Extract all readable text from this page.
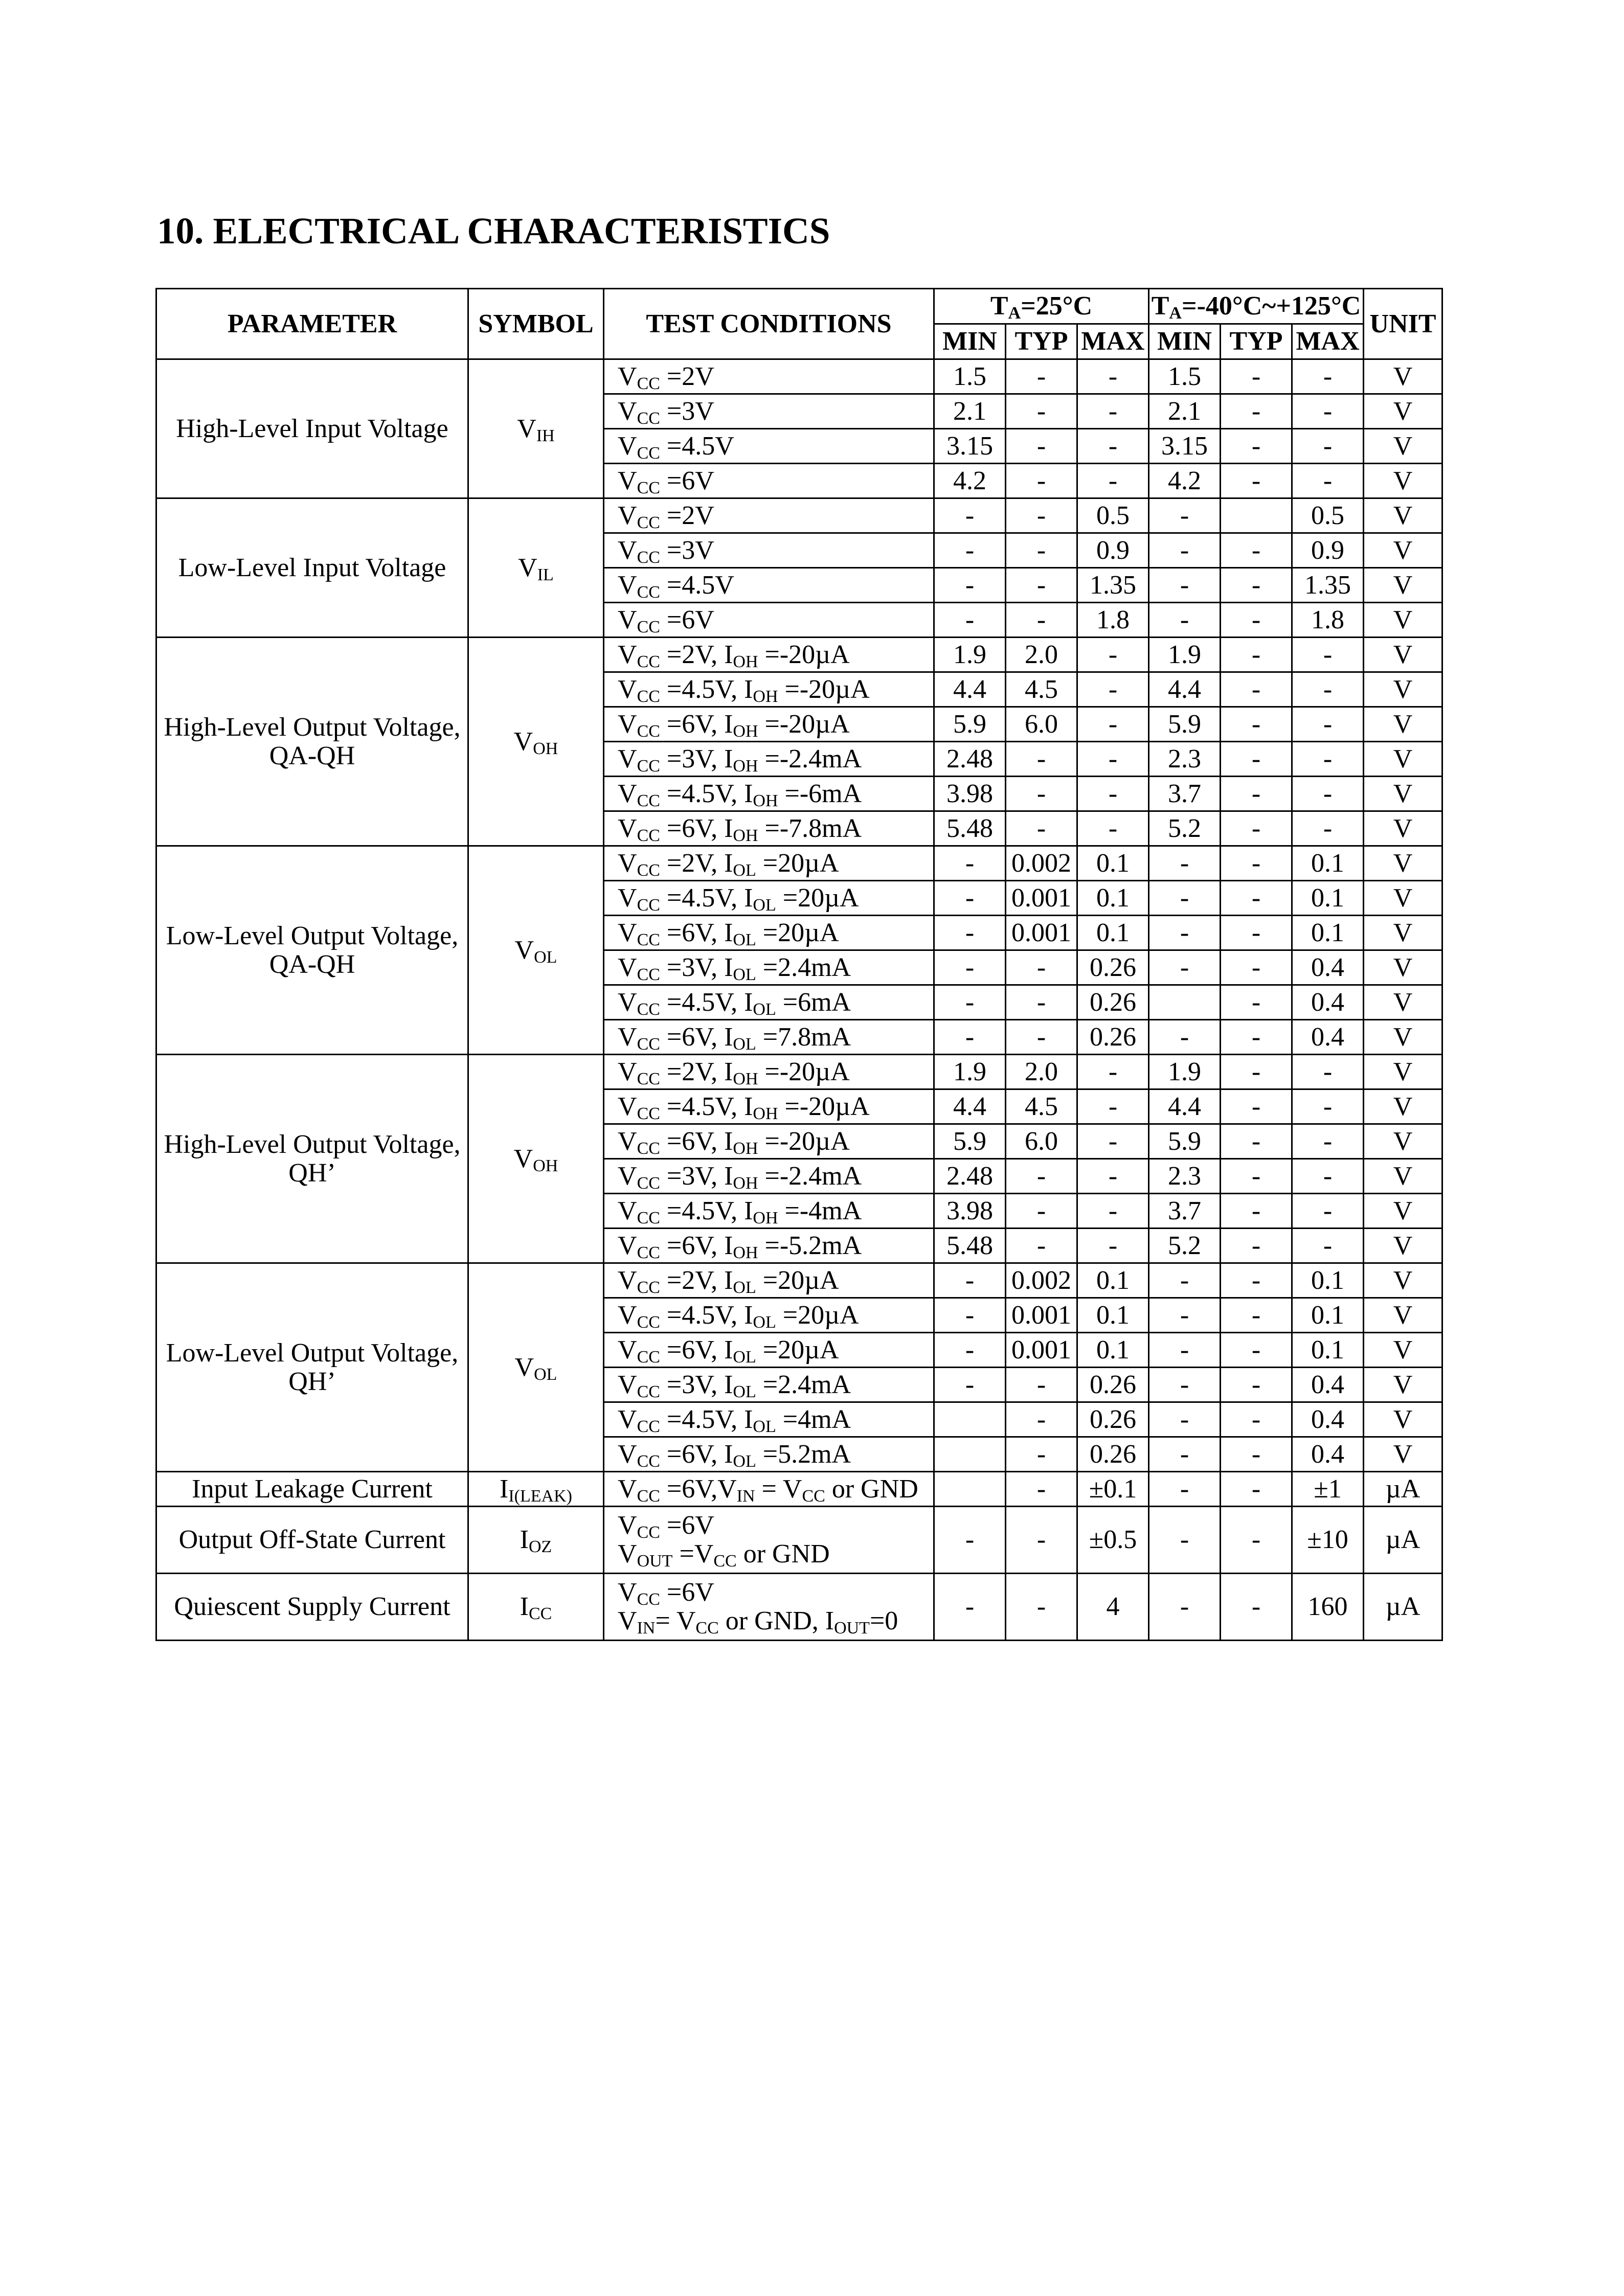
10. ELECTRICAL CHARACTERISTICS
PARAMETER	SYMBOL	TEST CONDITIONS	$T_A=25^\circ C$			$T_A=-40^\circ C\sim+125^\circ C$			UNIT
			MIN	TYP	MAX	MIN	TYP	MAX	
High-Level Input Voltage	$V_{IH}$	$V_{CC} =2V$	1.5	-	-	1.5	-	-	V
		$V_{CC} =3V$	2.1	-	-	2.1	-	-	V
		$V_{CC} =4.5V$	3.15	-	-	3.15	-	-	V
		$V_{CC} =6V$	4.2	-	-	4.2	-	-	V
Low-Level Input Voltage	$V_{IL}$	$V_{CC} =2V$	-	-	0.5	-		0.5	V
		$V_{CC} =3V$	-	-	0.9	-	-	0.9	V
		$V_{CC} =4.5V$	-	-	1.35	-	-	1.35	V
		$V_{CC} =6V$	-	-	1.8	-	-	1.8	V
High-Level Output Voltage,
QA-QH	$V_{OH}$	$V_{CC} =2V$, $I_{OH} =-20\mu A$	1.9	2.0	-	1.9	-	-	V
		$V_{CC} =4.5V$, $I_{OH} =-20\mu A$	4.4	4.5	-	4.4	-	-	V
		$V_{CC} =6V$, $I_{OH} =-20\mu A$	5.9	6.0	-	5.9	-	-	V
		$V_{CC} =3V$, $I_{OH} =-2.4mA$	2.48	-	-	2.3	-	-	V
		$V_{CC} =4.5V$, $I_{OH} =-6mA$	3.98	-	-	3.7	-	-	V
		$V_{CC} =6V$, $I_{OH} =-7.8mA$	5.48	-	-	5.2	-	-	V
Low-Level Output Voltage,
QA-QH	$V_{OL}$	$V_{CC} =2V$, $I_{OL} =20\mu A$	-	0.002	0.1	-	-	0.1	V
		$V_{CC} =4.5V$, $I_{OL} =20\mu A$	-	0.001	0.1	-	-	0.1	V
		$V_{CC} =6V$, $I_{OL} =20\mu A$	-	0.001	0.1	-	-	0.1	V
		$V_{CC} =3V$, $I_{OL} =2.4mA$	-	-	0.26	-	-	0.4	V
		$V_{CC} =4.5V$, $I_{OL} =6mA$	-	-	0.26		-	0.4	V
		$V_{CC} =6V$, $I_{OL} =7.8mA$	-	-	0.26	-	-	0.4	V
High-Level Output Voltage,
QH’	$V_{OH}$	$V_{CC} =2V$, $I_{OH} =-20\mu A$	1.9	2.0	-	1.9	-	-	V
		$V_{CC} =4.5V$, $I_{OH} =-20\mu A$	4.4	4.5	-	4.4	-	-	V
		$V_{CC} =6V$, $I_{OH} =-20\mu A$	5.9	6.0	-	5.9	-	-	V
		$V_{CC} =3V$, $I_{OH} =-2.4mA$	2.48	-	-	2.3	-	-	V
		$V_{CC} =4.5V$, $I_{OH} =-4mA$	3.98	-	-	3.7	-	-	V
		$V_{CC} =6V$, $I_{OH} =-5.2mA$	5.48	-	-	5.2	-	-	V
Low-Level Output Voltage,
QH’	$V_{OL}$	$V_{CC} =2V$, $I_{OL} =20\mu A$	-	0.002	0.1	-	-	0.1	V
		$V_{CC} =4.5V$, $I_{OL} =20\mu A$	-	0.001	0.1	-	-	0.1	V
		$V_{CC} =6V$, $I_{OL} =20\mu A$	-	0.001	0.1	-	-	0.1	V
		$V_{CC} =3V$, $I_{OL} =2.4mA$	-	-	0.26	-	-	0.4	V
		$V_{CC} =4.5V$, $I_{OL} =4mA$		-	0.26	-	-	0.4	V
		$V_{CC} =6V$, $I_{OL} =5.2mA$		-	0.26	-	-	0.4	V
Input Leakage Current	$I_{I(LEAK)}$	$V_{CC} =6V,V_{IN} = V_{CC}$ or GND		-	±0.1	-	-	±1	µA
Output Off-State Current	$I_{OZ}$	$V_{CC} =6V$
$V_{OUT} =V_{CC}$ or GND	-	-	±0.5	-	-	±10	µA
Quiescent Supply Current	$I_{CC}$	$V_{CC} =6V$
$V_{IN}= V_{CC}$ or GND, $I_{OUT}=0$	-	-	4	-	-	160	µA
